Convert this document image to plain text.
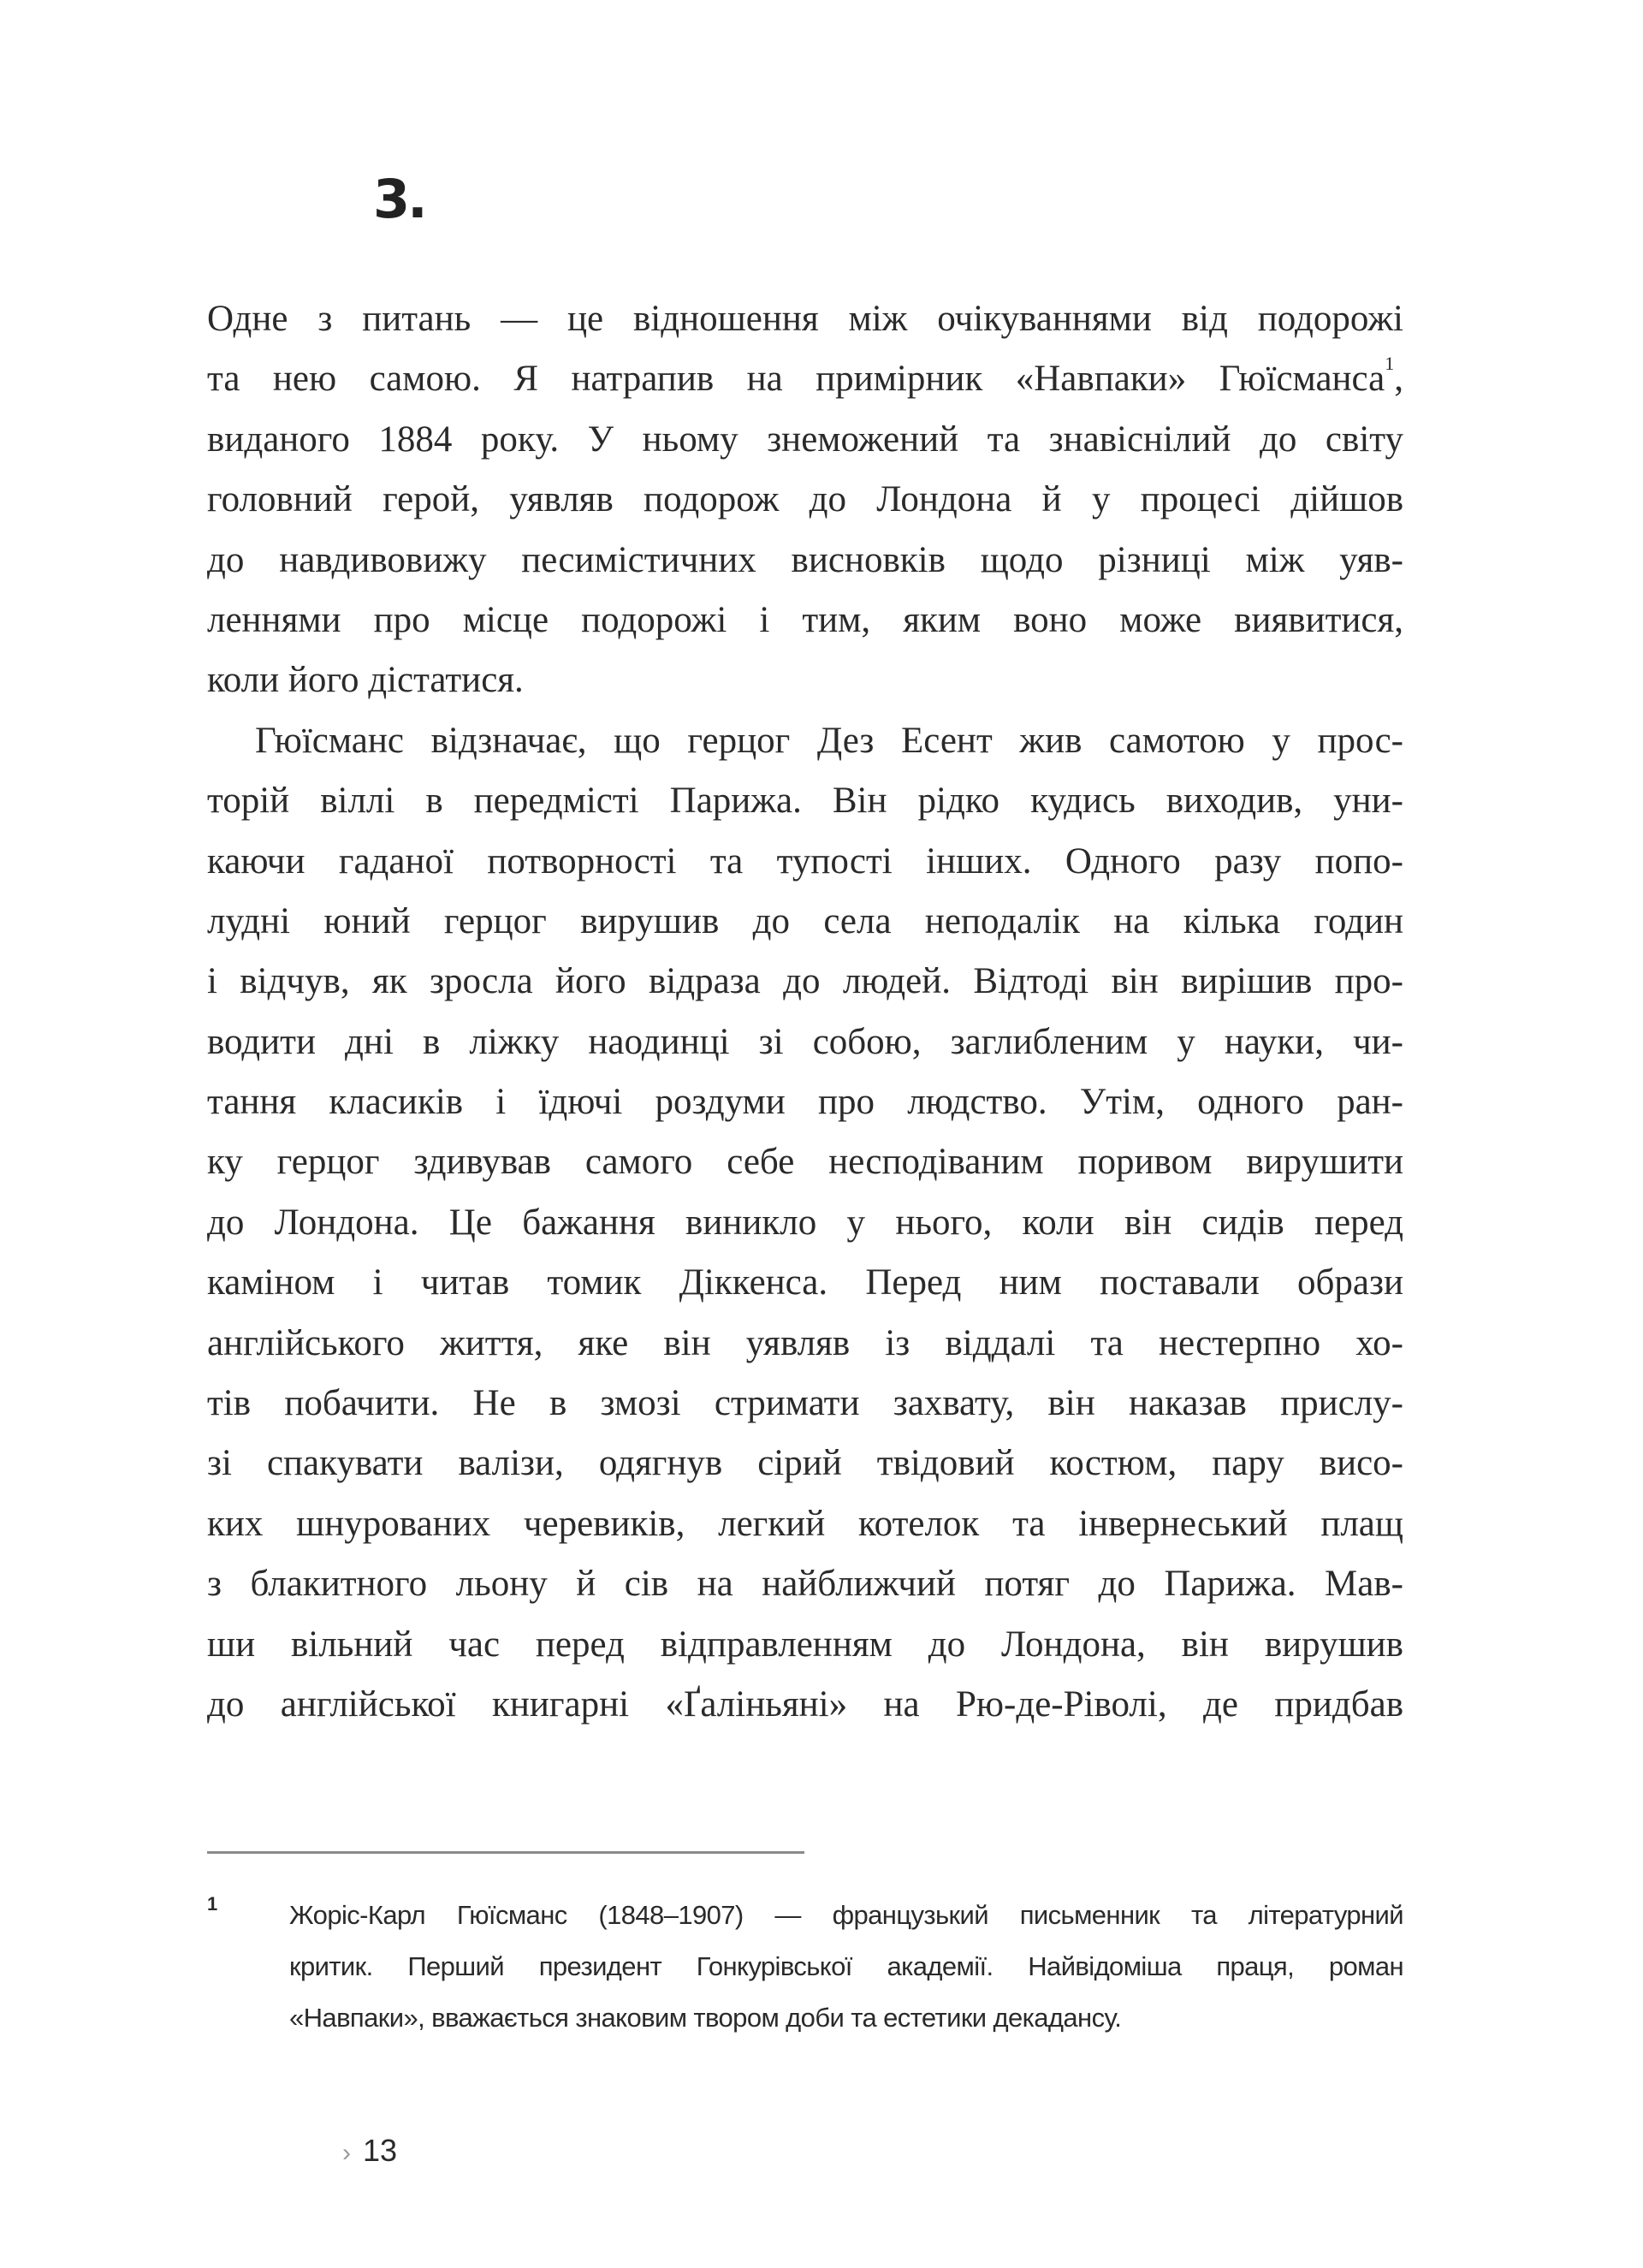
3.
Одне з питань — це відношення між очікуваннями від подорожі
та нею самою. Я натрапив на примірник «Навпаки» Гюїсманса$^1$,
виданого 1884 року. У ньому знеможений та знавіснілий до світу
головний герой, уявляв подорож до Лондона й у процесі дійшов
до навдивовижу песимістичних висновків щодо різниці між уяв-
леннями про місце подорожі і тим, яким воно може виявитися,
коли його дістатися.
Гюїсманс відзначає, що герцог Дез Есент жив самотою у прос-
торій віллі в передмісті Парижа. Він рідко кудись виходив, уни-
каючи гаданої потворності та тупості інших. Одного разу попо-
лудні юний герцог вирушив до села неподалік на кілька годин
і відчув, як зросла його відраза до людей. Відтоді він вирішив про-
водити дні в ліжку наодинці зі собою, заглибленим у науки, чи-
тання класиків і їдючі роздуми про людство. Утім, одного ран-
ку герцог здивував самого себе несподіваним поривом вирушити
до Лондона. Це бажання виникло у нього, коли він сидів перед
каміном і читав томик Діккенса. Перед ним поставали образи
англійського життя, яке він уявляв із віддалі та нестерпно хо-
тів побачити. Не в змозі стримати захвату, він наказав прислу-
зі спакувати валізи, одягнув сірий твідовий костюм, пару висо-
ких шнурованих черевиків, легкий котелок та інвернеський плащ
з блакитного льону й сів на найближчий потяг до Парижа. Мав-
ши вільний час перед відправленням до Лондона, він вирушив
до англійської книгарні «Ґаліньяні» на Рю-де-Ріволі, де придбав
1	Жоріс-Карл Гюїсманс (1848–1907) — французький письменник та літературний
критик. Перший президент Гонкурівської академії. Найвідоміша праця, роман
«Навпаки», вважається знаковим твором доби та естетики декадансу.
› 13
